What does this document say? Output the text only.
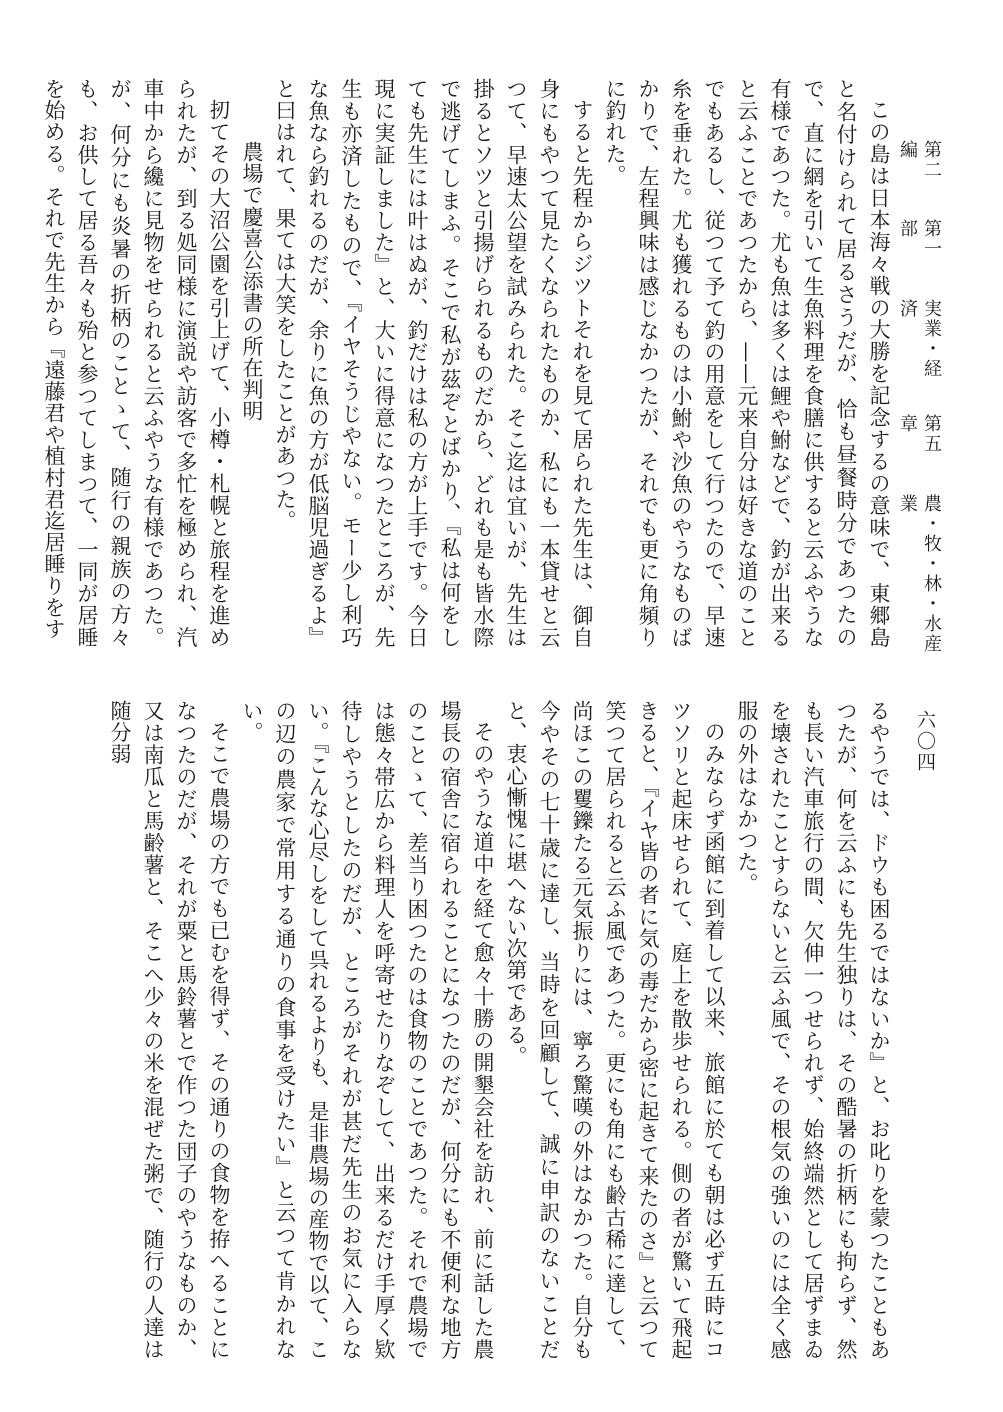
第二編
第一部
実業・経済
第五章
農・牧・林・水産業
六〇四

この島は日本海々戦の大勝を記念するの意味で、東郷島と名付けられて居るさうだが、恰も昼餐時分であつたので、直に網を引いて生魚料理を食膳に供すると云ふやうな有様であつた。尤も魚は多くは鯉や鮒などで、釣が出来ると云ふことであつたから、——元来自分は好きな道のことでもあるし、従つて予て釣の用意をして行つたので、早速糸を垂れた。尤も獲れるものは小鮒や沙魚のやうなものばかりで、左程興味は感じなかつたが、それでも更に角頻りに釣れた。

すると先程からジツトそれを見て居られた先生は、御自身にもやつて見たくなられたものか、私にも一本貸せと云つて、早速太公望を試みられた。そこ迄は宜いが、先生は掛るとソツと引揚げられるものだから、どれも是も皆水際で逃げてしまふ。そこで私が茲ぞとばかり、『私は何をしても先生には叶はぬが、釣だけは私の方が上手です。今日現に実証しました』と、大いに得意になつたところが、先生も亦済したもので、『イヤそうじやない。モー少し利巧な魚なら釣れるのだが、余りに魚の方が低脳児過ぎるよ』と曰はれて、果ては大笑をしたことがあつた。

農場で慶喜公添書の所在判明

扨てその大沼公園を引上げて、小樽・札幌と旅程を進められたが、到る処同様に演説や訪客で多忙を極められ、汽車中から纔に見物をせられると云ふやうな有様であつた。が、何分にも炎暑の折柄のことゝて、随行の親族の方々も、お供して居る吾々も殆と参つてしまつて、一同が居睡を始める。それで先生から『遠藤君や植村君迄居睡りをす

るやうでは、ドウも困るではないか』と、お叱りを蒙つたこともあつたが、何を云ふにも先生独りは、その酷暑の折柄にも拘らず、然も長い汽車旅行の間、欠伸一つせられず、始終端然として居ずまゐを壊されたことすらないと云ふ風で、その根気の強いのには全く感服の外はなかつた。

のみならず函館に到着して以来、旅館に於ても朝は必ず五時にコツソリと起床せられて、庭上を散歩せられる。側の者が驚いて飛起きると、『イヤ皆の者に気の毒だから密に起きて来たのさ』と云つて笑つて居られると云ふ風であつた。更にも角にも齢古稀に達して、尚ほこの矍鑠たる元気振りには、寧ろ驚嘆の外はなかつた。自分も今やその七十歳に達し、当時を回顧して、誠に申訳のないことだと、衷心慚愧に堪へない次第である。

そのやうな道中を経て愈々十勝の開墾会社を訪れ、前に話した農場長の宿舎に宿られることになつたのだが、何分にも不便利な地方のことゝて、差当り困つたのは食物のことであつた。それで農場では態々帯広から料理人を呼寄せたりなぞして、出来るだけ手厚く欵待しやうとしたのだが、ところがそれが甚だ先生のお気に入らない。『こんな心尽しをして呉れるよりも、是非農場の産物で以て、この辺の農家で常用する通りの食事を受けたい』と云つて肯かれない。

そこで農場の方でも已むを得ず、その通りの食物を拵へることになつたのだが、それが粟と馬鈴薯とで作つた団子のやうなものか、又は南瓜と馬齢薯と、そこへ少々の米を混ぜた粥で、随行の人達は随分弱
